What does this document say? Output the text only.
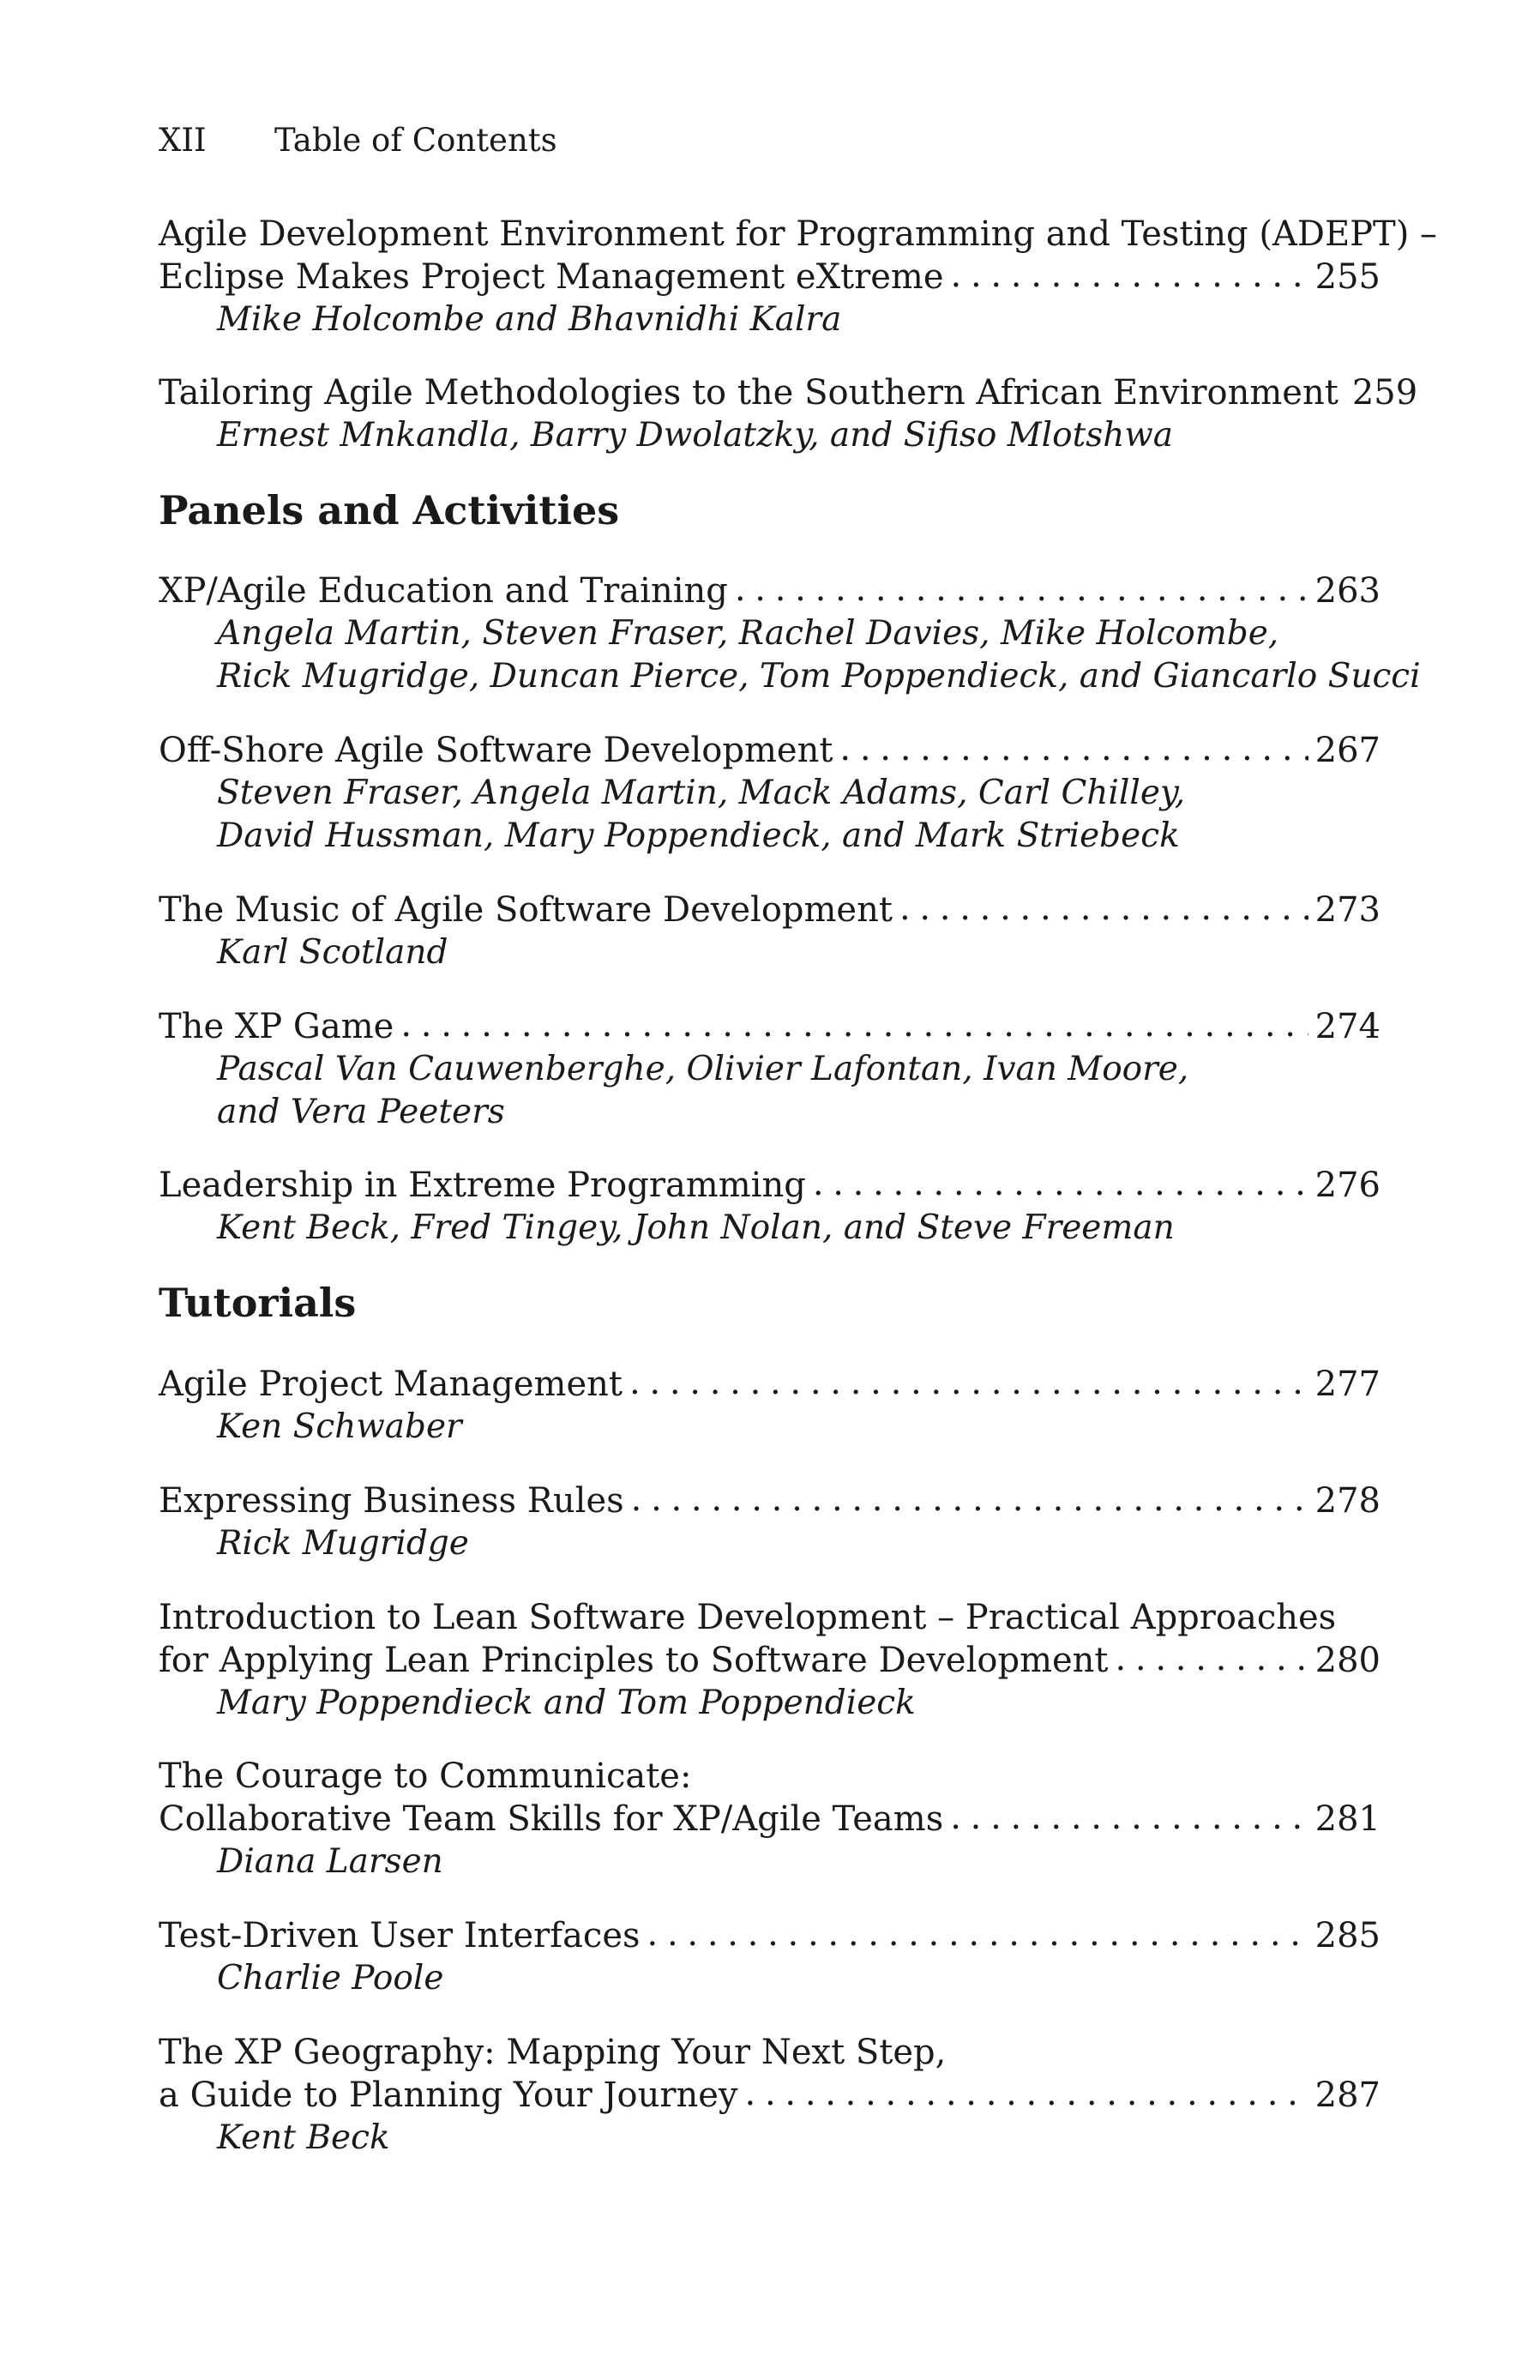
XII Table of Contents
Agile Development Environment for Programming and Testing (ADEPT) –
Eclipse Makes Project Management eXtreme . . .	255
Mike Holcombe and Bhavnidhi Kalra
Tailoring Agile Methodologies to the Southern African Environment 259
Ernest Mnkandla, Barry Dwolatzky, and Sifiso Mlotshwa
Panels and Activities
XP/Agile Education and Training . . .	263
Angela Martin, Steven Fraser, Rachel Davies, Mike Holcombe,
Rick Mugridge, Duncan Pierce, Tom Poppendieck, and Giancarlo Succi
Off-Shore Agile Software Development . . .	267
Steven Fraser, Angela Martin, Mack Adams, Carl Chilley,
David Hussman, Mary Poppendieck, and Mark Striebeck
The Music of Agile Software Development . . .	273
Karl Scotland
The XP Game . . .	274
Pascal Van Cauwenberghe, Olivier Lafontan, Ivan Moore,
and Vera Peeters
Leadership in Extreme Programming . . .	276
Kent Beck, Fred Tingey, John Nolan, and Steve Freeman
Tutorials
Agile Project Management . . .	277
Ken Schwaber
Expressing Business Rules . . .	278
Rick Mugridge
Introduction to Lean Software Development – Practical Approaches
for Applying Lean Principles to Software Development . . .	280
Mary Poppendieck and Tom Poppendieck
The Courage to Communicate:
Collaborative Team Skills for XP/Agile Teams . . .	281
Diana Larsen
Test-Driven User Interfaces . . .	285
Charlie Poole
The XP Geography: Mapping Your Next Step,
a Guide to Planning Your Journey . . .	287
Kent Beck
